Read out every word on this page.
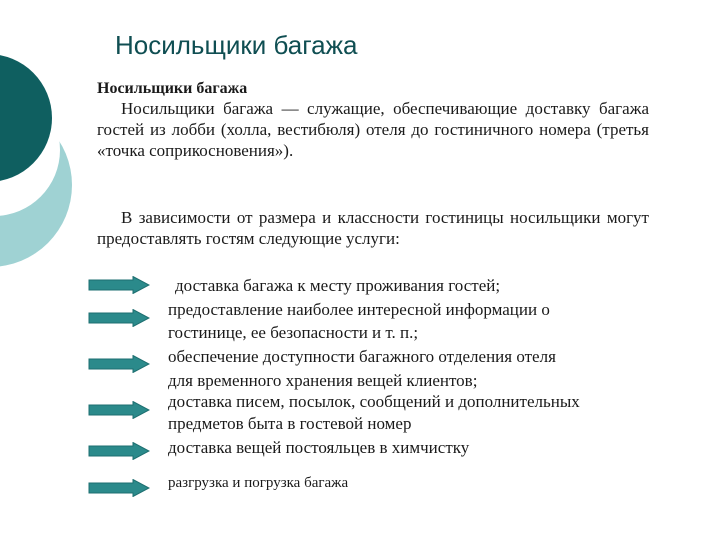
Носильщики багажа
Носильщики багажа

Носильщики багажа — служащие, обеспечивающие доставку багажа гостей из лобби (холла, вестибюля) отеля до гостиничного номера (третья «точка соприкосновения»).

В зависимости от размера и классности гостиницы носильщики могут предоставлять гостям следующие услуги:

доставка багажа к месту проживания гостей;
предоставление наиболее интересной информации о
гостинице, ее безопасности и т. п.;
обеспечение доступности багажного отделения отеля
для временного хранения вещей клиентов;
доставка писем, посылок, сообщений и дополнительных
предметов быта в гостевой номер
доставка вещей постояльцев в химчистку
разгрузка и погрузка багажа
